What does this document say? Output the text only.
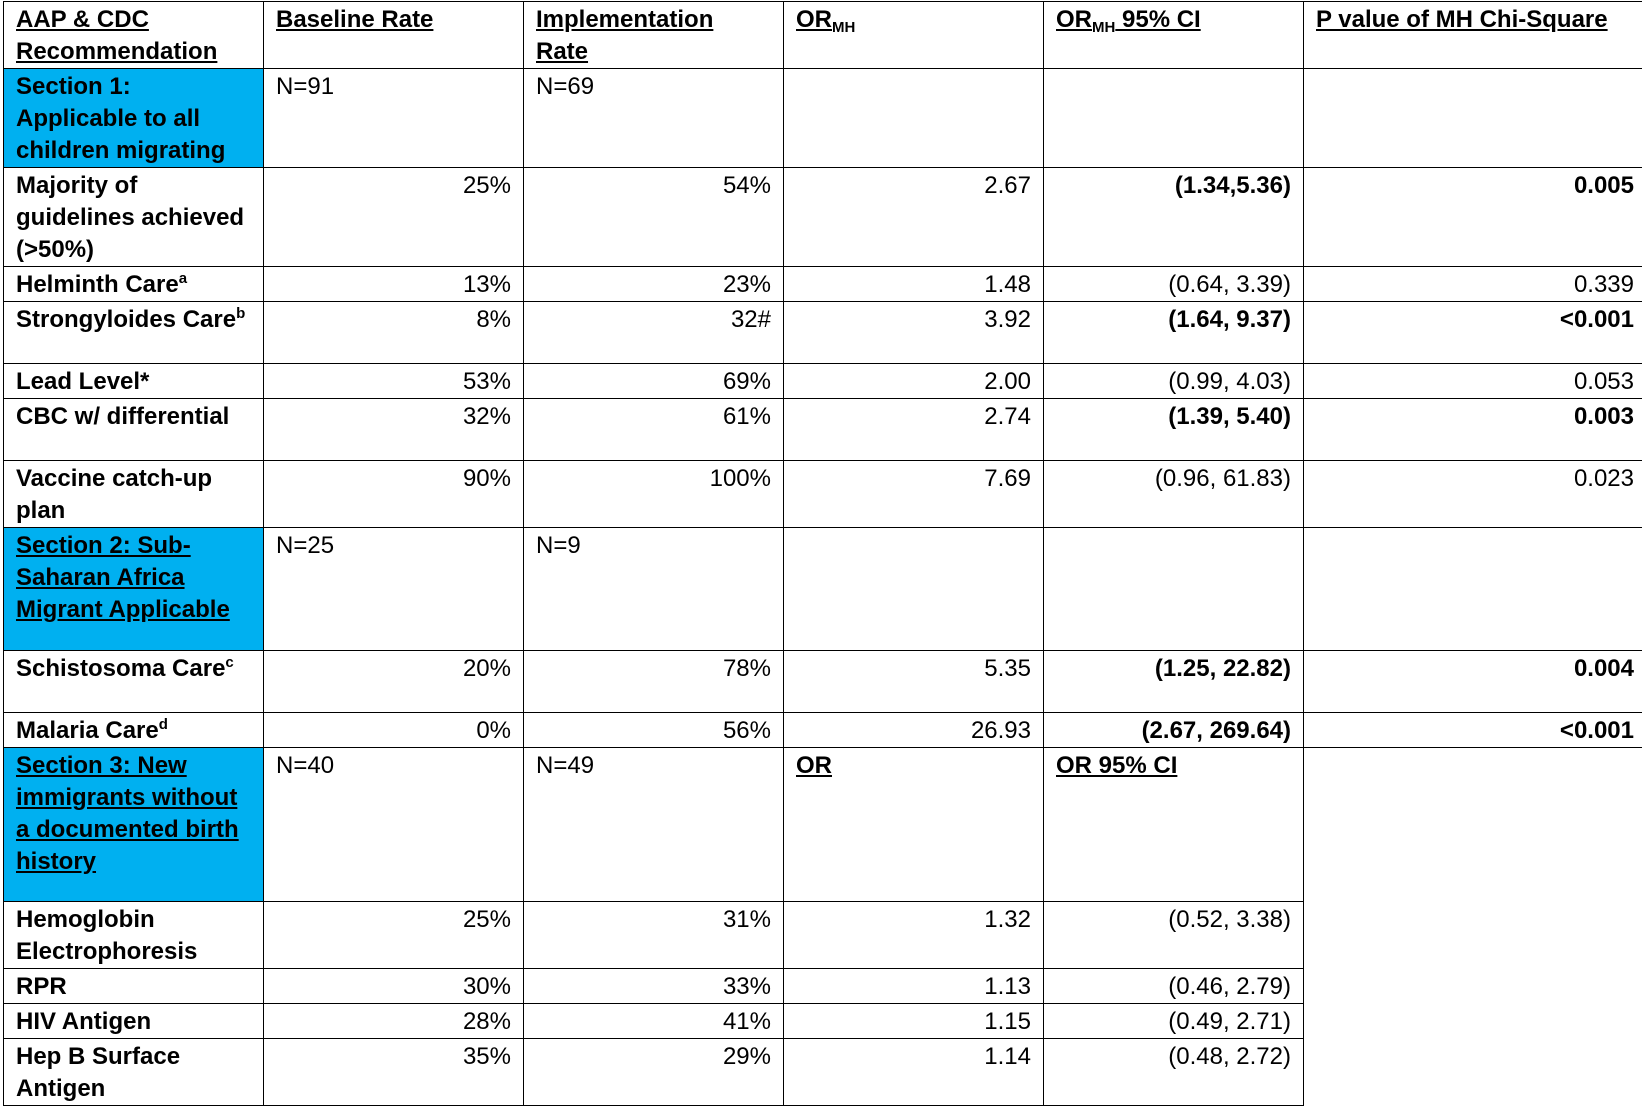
AAP & CDC Recommendation	Baseline Rate	Implementation Rate	$OR_{MH}$	$OR_{MH}$ 95% CI	P value of MH Chi-Square
Section 1: Applicable to all children migrating	N=91	N=69			
Majority of guidelines achieved (>50%)	25%	54%	2.67	(1.34,5.36)	0.005
Helminth Care$^a$	13%	23%	1.48	(0.64, 3.39)	0.339
Strongyloides Care$^b$	8%	32#	3.92	(1.64, 9.37)	<0.001
Lead Level*	53%	69%	2.00	(0.99, 4.03)	0.053
CBC w/ differential	32%	61%	2.74	(1.39, 5.40)	0.003
Vaccine catch-up plan	90%	100%	7.69	(0.96, 61.83)	0.023
Section 2: Sub-Saharan Africa Migrant Applicable	N=25	N=9			
Schistosoma Care$^c$	20%	78%	5.35	(1.25, 22.82)	0.004
Malaria Care$^d$	0%	56%	26.93	(2.67, 269.64)	<0.001
Section 3: New immigrants without a documented birth history	N=40	N=49	OR	OR 95% CI	
Hemoglobin Electrophoresis	25%	31%	1.32	(0.52, 3.38)	
RPR	30%	33%	1.13	(0.46, 2.79)	
HIV Antigen	28%	41%	1.15	(0.49, 2.71)	
Hep B Surface Antigen	35%	29%	1.14	(0.48, 2.72)	
